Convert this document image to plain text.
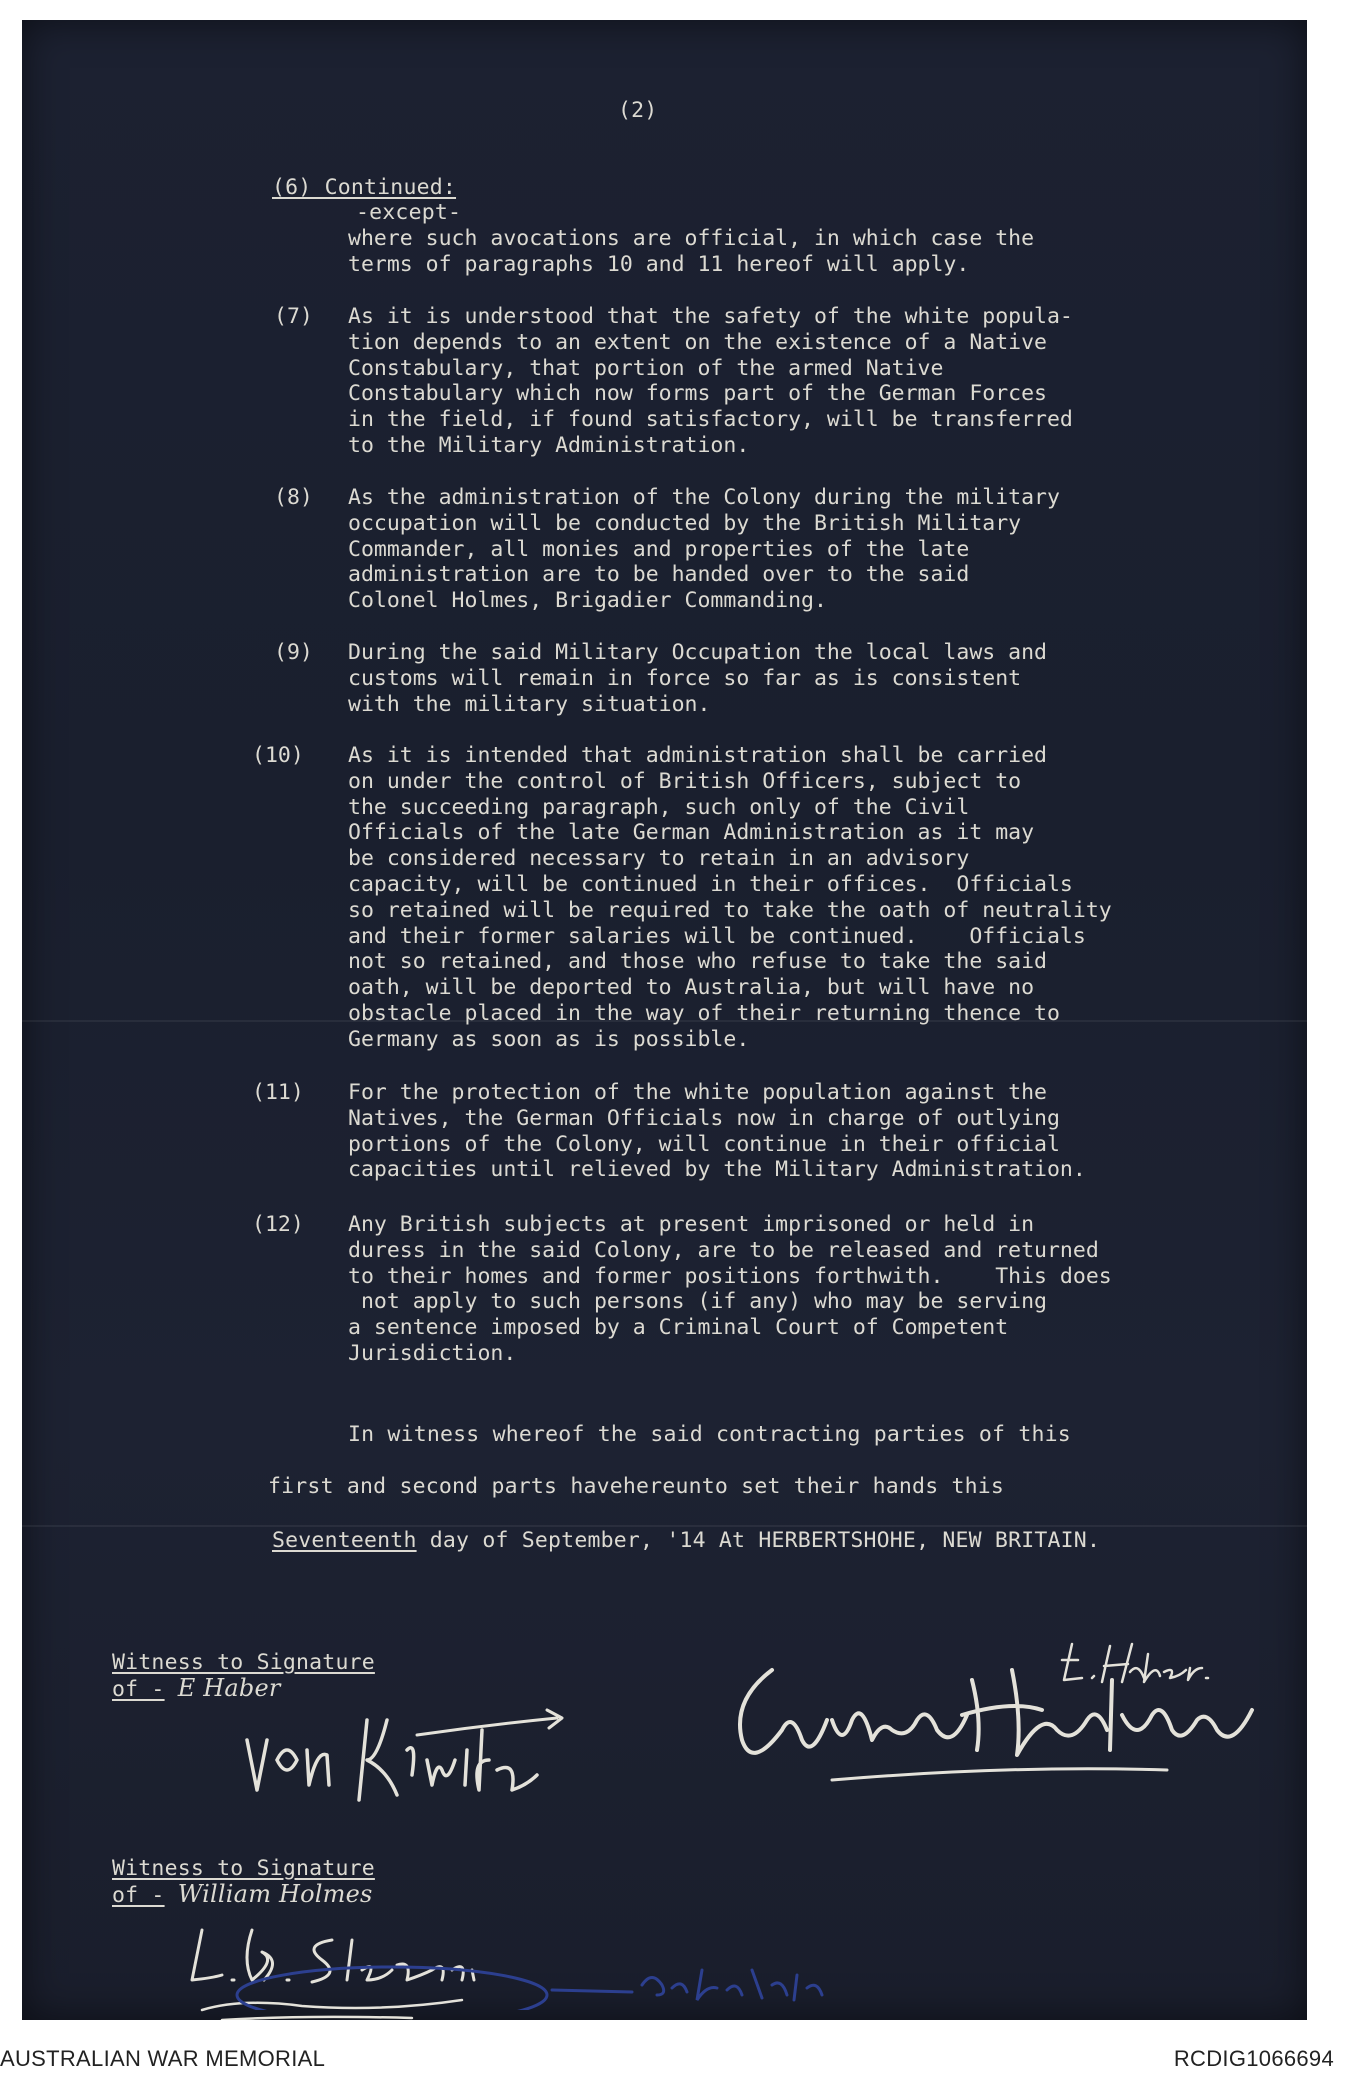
(2)
(6) Continued:
-except-
where such avocations are official, in which case the
terms of paragraphs 10 and 11 hereof will apply.
(7) As it is understood that the safety of the white popula-
tion depends to an extent on the existence of a Native
Constabulary, that portion of the armed Native
Constabulary which now forms part of the German Forces
in the field, if found satisfactory, will be transferred
to the Military Administration.
(8) As the administration of the Colony during the military
occupation will be conducted by the British Military
Commander, all monies and properties of the late
administration are to be handed over to the said
Colonel Holmes, Brigadier Commanding.
(9) During the said Military Occupation the local laws and
customs will remain in force so far as is consistent
with the military situation.
(10) As it is intended that administration shall be carried
on under the control of British Officers, subject to
the succeeding paragraph, such only of the Civil
Officials of the late German Administration as it may
be considered necessary to retain in an advisory
capacity, will be continued in their offices.  Officials
so retained will be required to take the oath of neutrality
and their former salaries will be continued.    Officials
not so retained, and those who refuse to take the said
oath, will be deported to Australia, but will have no
obstacle placed in the way of their returning thence to
Germany as soon as is possible.
(11) For the protection of the white population against the
Natives, the German Officials now in charge of outlying
portions of the Colony, will continue in their official
capacities until relieved by the Military Administration.
(12) Any British subjects at present imprisoned or held in
duress in the said Colony, are to be released and returned
to their homes and former positions forthwith.    This does
not apply to such persons (if any) who may be serving
a sentence imposed by a Criminal Court of Competent
Jurisdiction.
In witness whereof the said contracting parties of this
first and second parts havehereunto set their hands this
Seventeenth day of September, '14 At HERBERTSHOHE, NEW BRITAIN.
Witness to Signature
of - E Haber
Witness to Signature
of - William Holmes
AUSTRALIAN WAR MEMORIAL	RCDIG1066694
